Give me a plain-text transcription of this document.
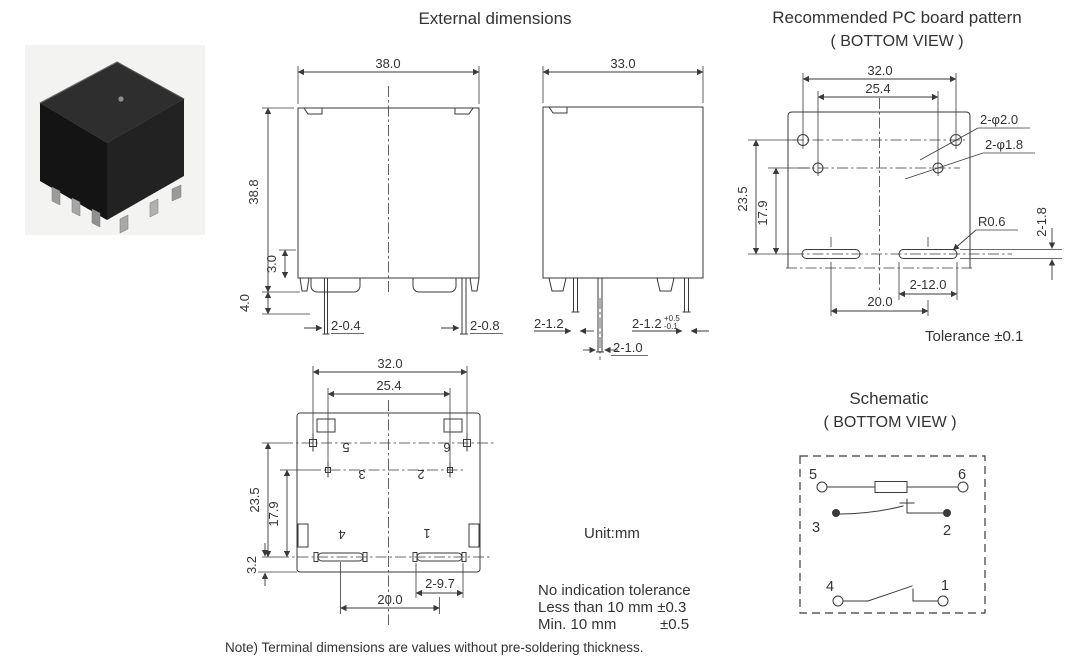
External dimensions	Recommended PC board pattern
( BOTTOM VIEW )
Schematic
( BOTTOM VIEW )
38.0
38.8
4.0
3.0
2-0.4	2-0.8
33.0
2-1.2	2-1.2 +0.5
-0.1
2-1.0
5	6
3	2
4	1
32.0
25.4
23.5
17.9
3.2
2-9.7
20.0
32.0
25.4
23.5
17.9
2-φ2.0
2-φ1.8
R0.6 2-1.8
2-12.0
20.0
Tolerance ±0.1
5	6
3	2
4	1
Unit:mm
No indication tolerance
Less than 10 mm ±0.3
Min. 10 mm	±0.5
Note) Terminal dimensions are values without pre-soldering thickness.
